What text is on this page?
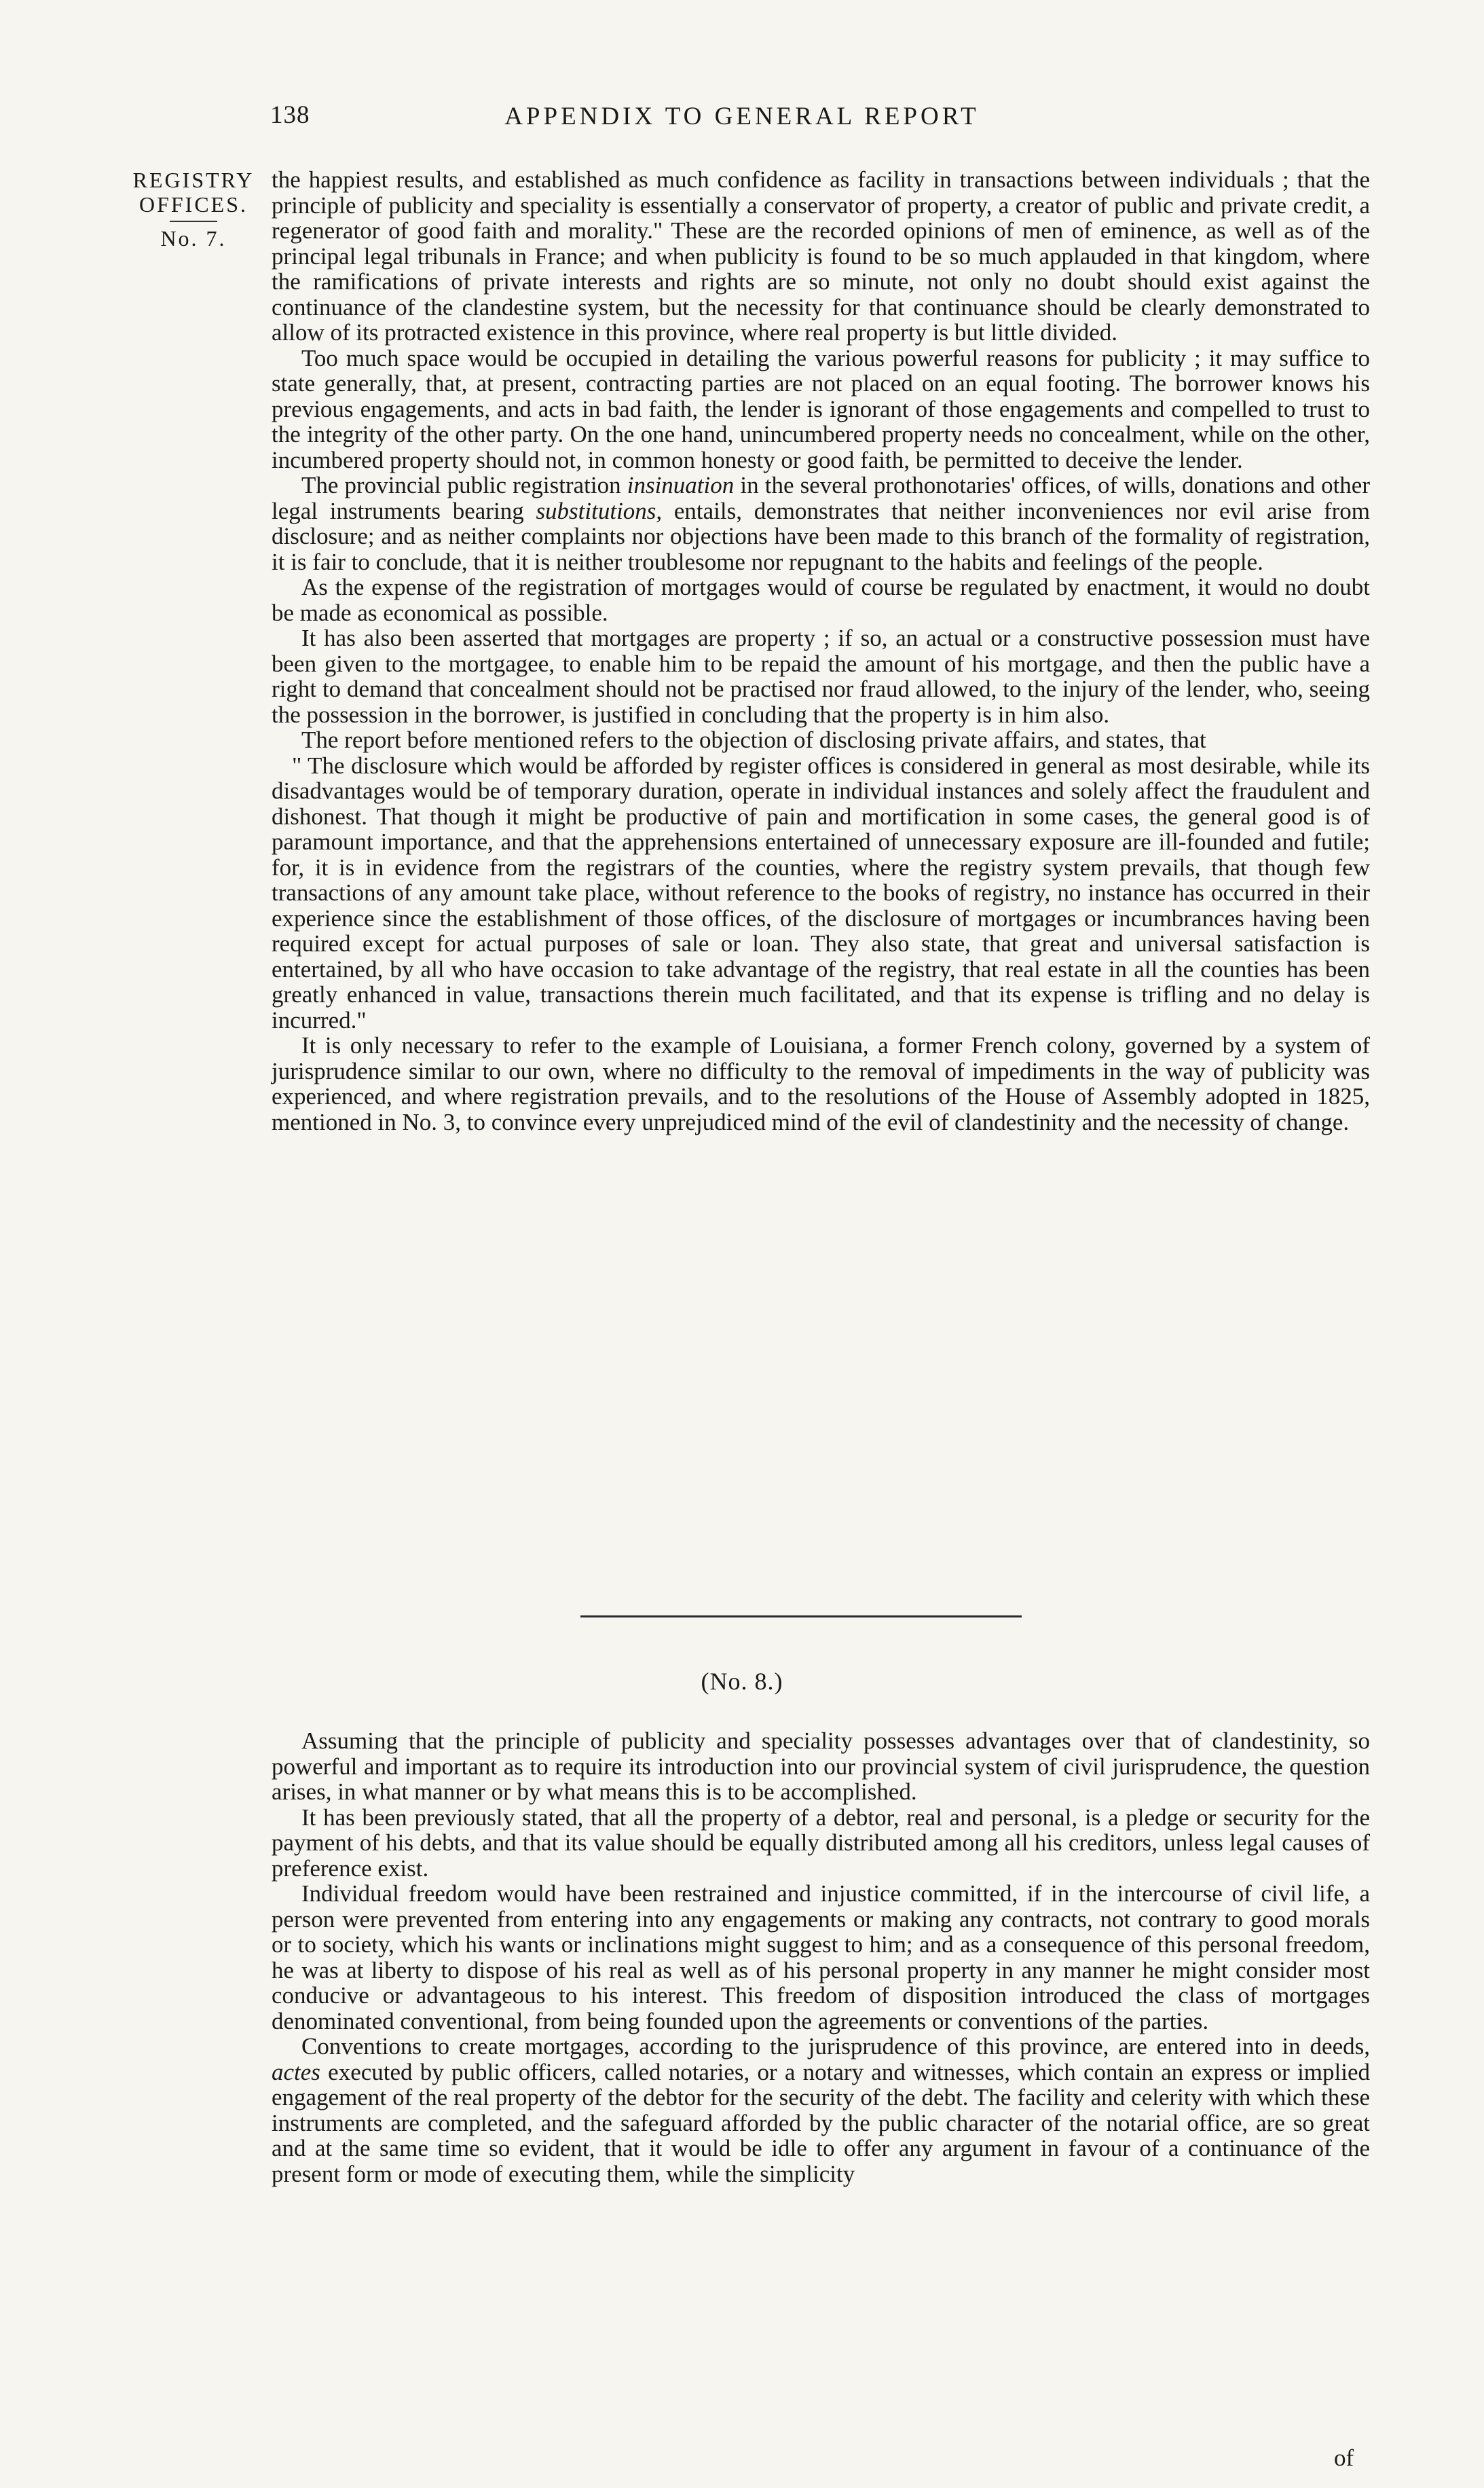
138	APPENDIX TO GENERAL REPORT
REGISTRY
OFFICES.
No. 7.

the happiest results, and established as much confidence as facility in transactions between individuals ; that the principle of publicity and speciality is essentially a conservator of property, a creator of public and private credit, a regenerator of good faith and morality." These are the recorded opinions of men of eminence, as well as of the principal legal tribunals in France; and when publicity is found to be so much applauded in that kingdom, where the ramifications of private interests and rights are so minute, not only no doubt should exist against the continuance of the clandestine system, but the necessity for that continuance should be clearly demonstrated to allow of its protracted existence in this province, where real property is but little divided.

Too much space would be occupied in detailing the various powerful reasons for publicity ; it may suffice to state generally, that, at present, contracting parties are not placed on an equal footing. The borrower knows his previous engagements, and acts in bad faith, the lender is ignorant of those engagements and compelled to trust to the integrity of the other party. On the one hand, unincumbered property needs no concealment, while on the other, incumbered property should not, in common honesty or good faith, be permitted to deceive the lender.

The provincial public registration insinuation in the several prothonotaries' offices, of wills, donations and other legal instruments bearing substitutions, entails, demonstrates that neither inconveniences nor evil arise from disclosure; and as neither complaints nor objections have been made to this branch of the formality of registration, it is fair to conclude, that it is neither troublesome nor repugnant to the habits and feelings of the people.

As the expense of the registration of mortgages would of course be regulated by enactment, it would no doubt be made as economical as possible.

It has also been asserted that mortgages are property ; if so, an actual or a constructive possession must have been given to the mortgagee, to enable him to be repaid the amount of his mortgage, and then the public have a right to demand that concealment should not be practised nor fraud allowed, to the injury of the lender, who, seeing the possession in the borrower, is justified in concluding that the property is in him also.

The report before mentioned refers to the objection of disclosing private affairs, and states, that

" The disclosure which would be afforded by register offices is considered in general as most desirable, while its disadvantages would be of temporary duration, operate in individual instances and solely affect the fraudulent and dishonest. That though it might be productive of pain and mortification in some cases, the general good is of paramount importance, and that the apprehensions entertained of unnecessary exposure are ill-founded and futile; for, it is in evidence from the registrars of the counties, where the registry system prevails, that though few transactions of any amount take place, without reference to the books of registry, no instance has occurred in their experience since the establishment of those offices, of the disclosure of mortgages or incumbrances having been required except for actual purposes of sale or loan. They also state, that great and universal satisfaction is entertained, by all who have occasion to take advantage of the registry, that real estate in all the counties has been greatly enhanced in value, transactions therein much facilitated, and that its expense is trifling and no delay is incurred."

It is only necessary to refer to the example of Louisiana, a former French colony, governed by a system of jurisprudence similar to our own, where no difficulty to the removal of impediments in the way of publicity was experienced, and where registration prevails, and to the resolutions of the House of Assembly adopted in 1825, mentioned in No. 3, to convince every unprejudiced mind of the evil of clandestinity and the necessity of change.

(No. 8.)

Assuming that the principle of publicity and speciality possesses advantages over that of clandestinity, so powerful and important as to require its introduction into our provincial system of civil jurisprudence, the question arises, in what manner or by what means this is to be accomplished.

It has been previously stated, that all the property of a debtor, real and personal, is a pledge or security for the payment of his debts, and that its value should be equally distributed among all his creditors, unless legal causes of preference exist.

Individual freedom would have been restrained and injustice committed, if in the intercourse of civil life, a person were prevented from entering into any engagements or making any contracts, not contrary to good morals or to society, which his wants or inclinations might suggest to him; and as a consequence of this personal freedom, he was at liberty to dispose of his real as well as of his personal property in any manner he might consider most conducive or advantageous to his interest. This freedom of disposition introduced the class of mortgages denominated conventional, from being founded upon the agreements or conventions of the parties.

Conventions to create mortgages, according to the jurisprudence of this province, are entered into in deeds, actes executed by public officers, called notaries, or a notary and witnesses, which contain an express or implied engagement of the real property of the debtor for the security of the debt. The facility and celerity with which these instruments are completed, and the safeguard afforded by the public character of the notarial office, are so great and at the same time so evident, that it would be idle to offer any argument in favour of a continuance of the present form or mode of executing them, while the simplicity

of
